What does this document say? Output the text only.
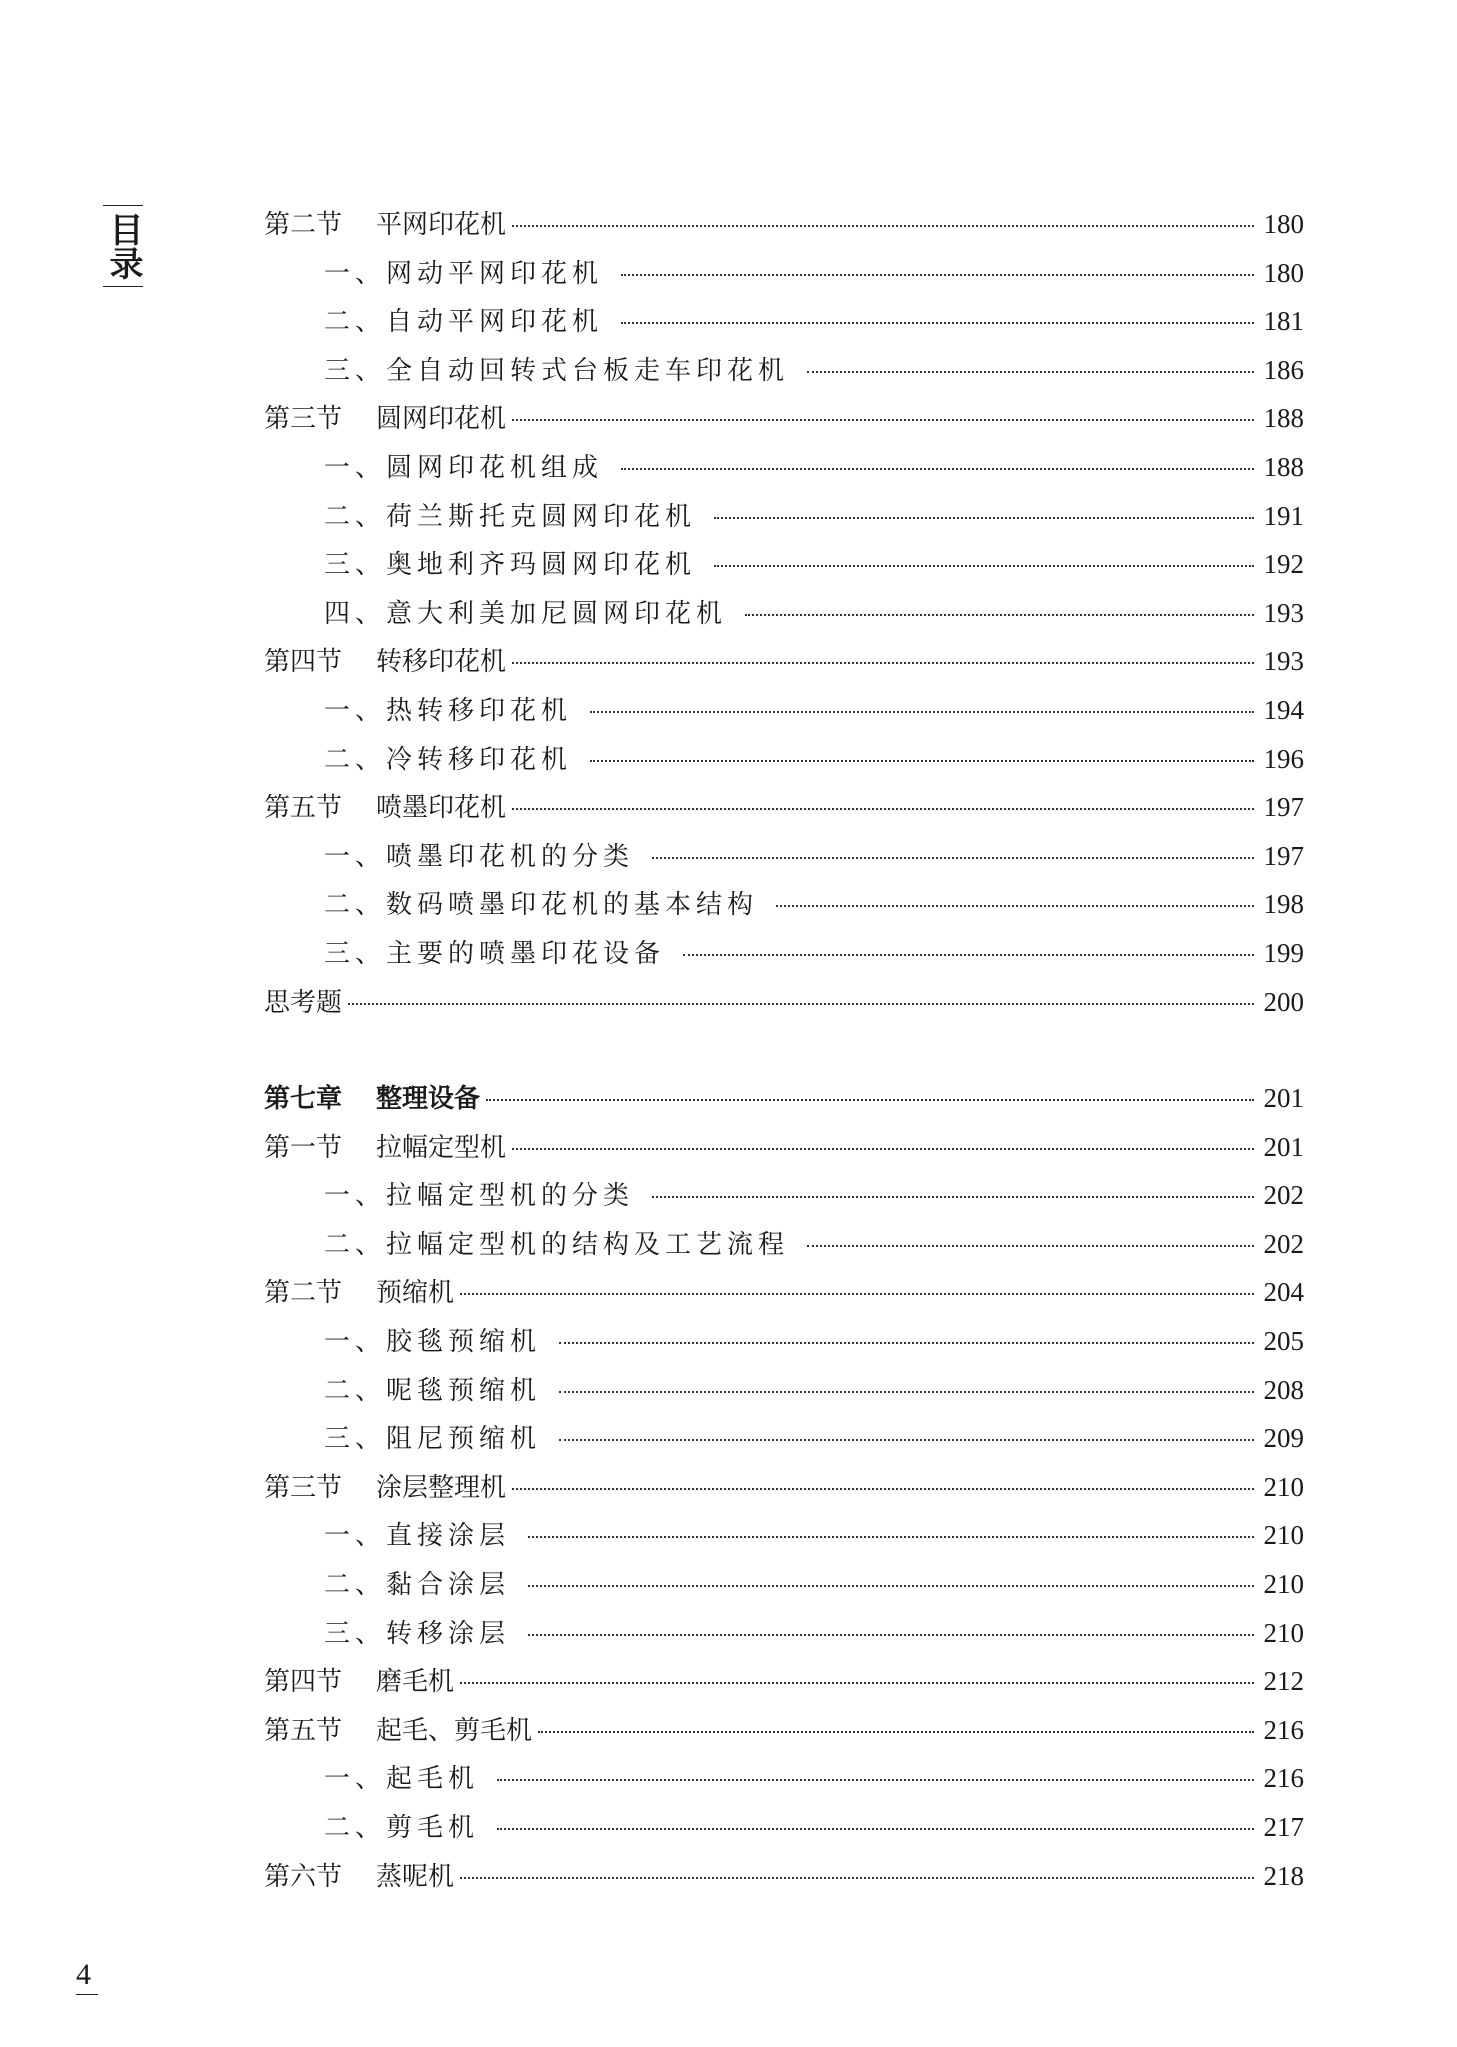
目录	第二节 平网印花机	180
一、网动平网印花机	180
二、自动平网印花机	181
三、全自动回转式台板走车印花机	186
第三节 圆网印花机	188
一、圆网印花机组成	188
二、荷兰斯托克圆网印花机	191
三、奥地利齐玛圆网印花机	192
四、意大利美加尼圆网印花机	193
第四节 转移印花机	193
一、热转移印花机	194
二、冷转移印花机	196
第五节 喷墨印花机	197
一、喷墨印花机的分类	197
二、数码喷墨印花机的基本结构	198
三、主要的喷墨印花设备	199
思考题	200
第七章 整理设备	201
第一节 拉幅定型机	201
一、拉幅定型机的分类	202
二、拉幅定型机的结构及工艺流程	202
第二节 预缩机	204
一、胶毯预缩机	205
二、呢毯预缩机	208
三、阻尼预缩机	209
第三节 涂层整理机	210
一、直接涂层	210
二、黏合涂层	210
三、转移涂层	210
第四节 磨毛机	212
第五节 起毛、剪毛机	216
一、起毛机	216
二、剪毛机	217
第六节 蒸呢机	218
4
